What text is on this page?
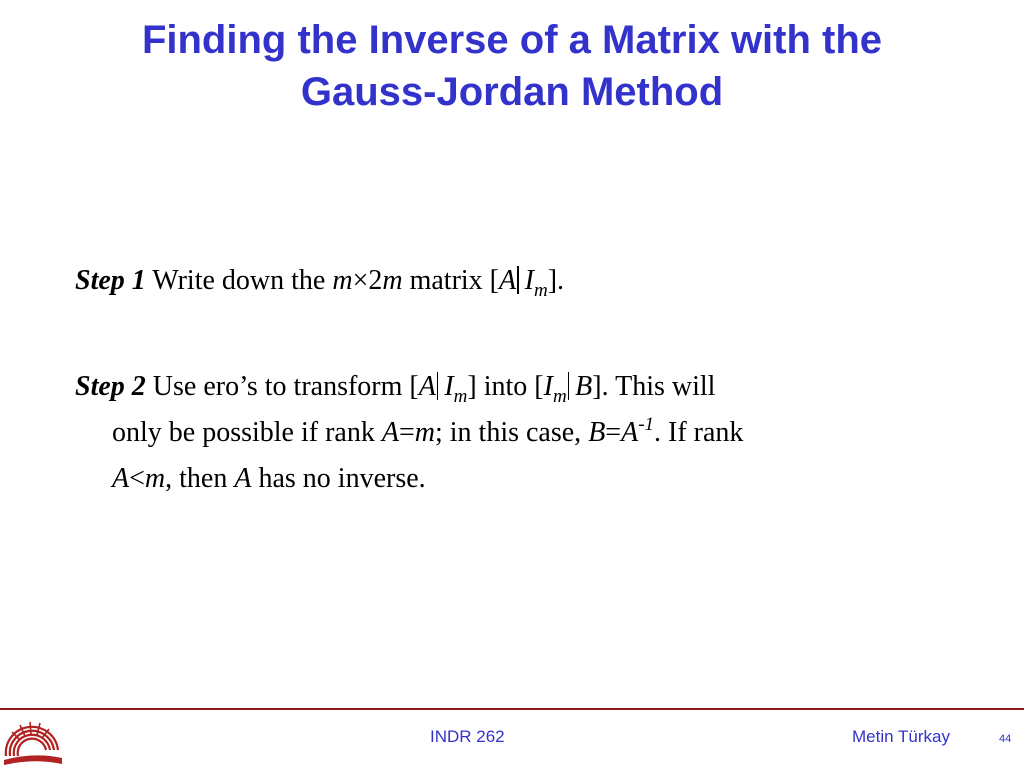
Finding the Inverse of a Matrix with the
Gauss-Jordan Method
Step 1 Write down the m×2m matrix [A $I_m$].
Step 2 Use ero’s to transform [A $I_m$] into [$I_m$ B]. This will
only be possible if rank A=m; in this case, $B=A^{-1}$. If rank
A<m, then A has no inverse.
INDR 262	Metin Türkay	44
